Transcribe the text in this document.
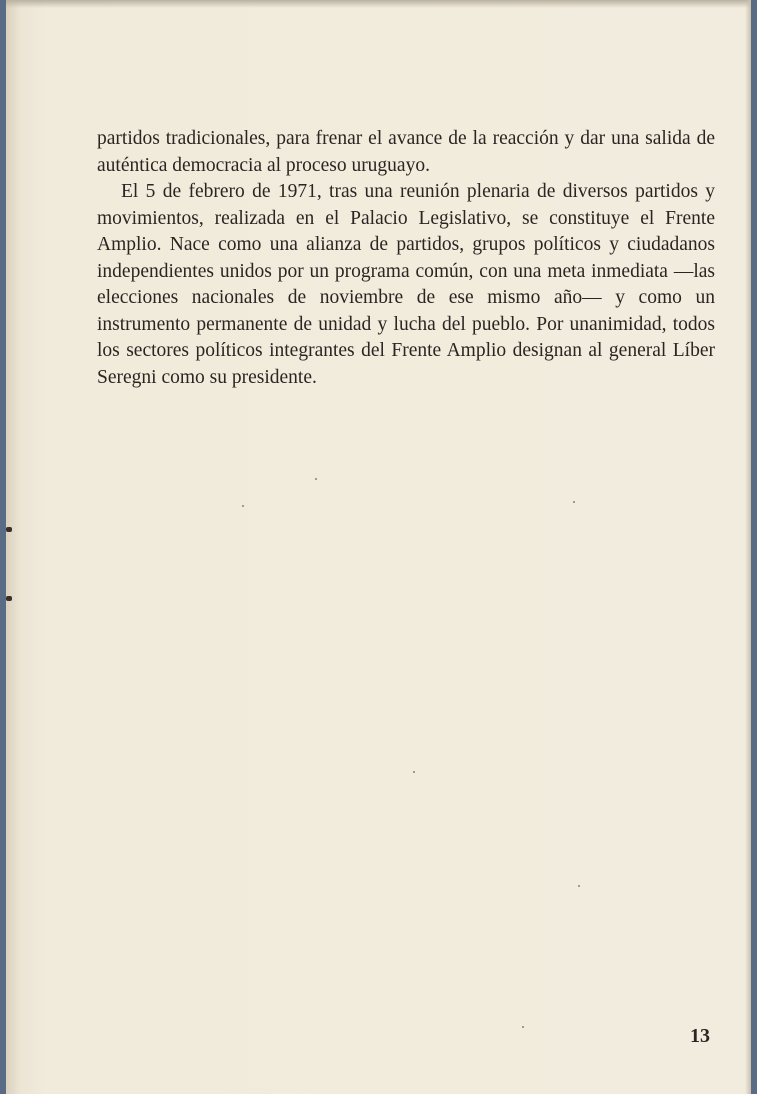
partidos tradicionales, para frenar el avance de la reacción y dar una salida de auténtica democracia al proceso uruguayo.

El 5 de febrero de 1971, tras una reunión plenaria de diversos partidos y movimientos, realizada en el Palacio Legislativo, se constituye el Frente Amplio. Nace como una alianza de partidos, grupos políticos y ciudadanos independientes unidos por un programa común, con una meta inmediata —las elecciones nacionales de noviembre de ese mismo año— y como un instrumento permanente de unidad y lucha del pueblo. Por unanimidad, todos los sectores políticos integrantes del Frente Amplio designan al general Líber Seregni como su presidente.

13
